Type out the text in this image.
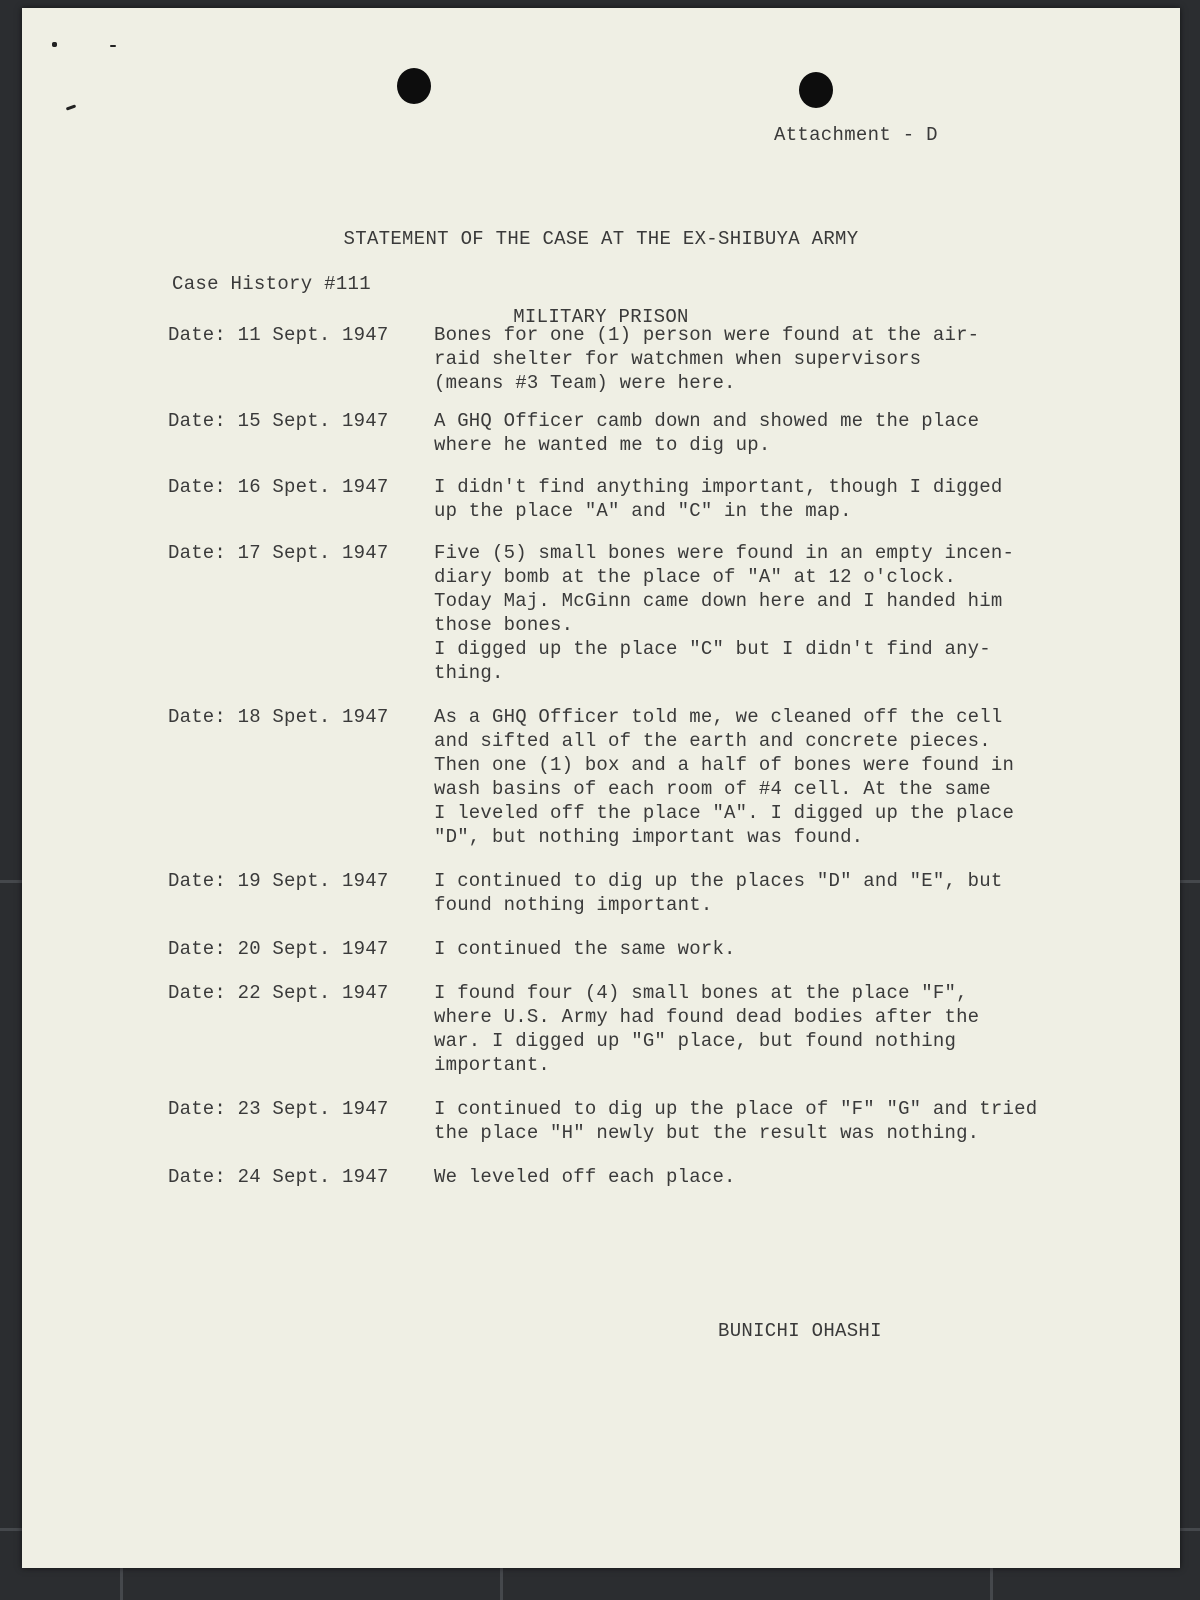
Attachment - D

STATEMENT OF THE CASE AT THE EX-SHIBUYA ARMY

MILITARY PRISON

Case History #111
Date: 11 Sept. 1947	Bones for one (1) person were found at the air-
raid shelter for watchmen when supervisors
(means #3 Team) were here.
Date: 15 Sept. 1947	A GHQ Officer camb down and showed me the place
where he wanted me to dig up.
Date: 16 Spet. 1947	I didn't find anything important, though I digged
up the place "A" and "C" in the map.
Date: 17 Sept. 1947	Five (5) small bones were found in an empty incen-
diary bomb at the place of "A" at 12 o'clock.
Today Maj. McGinn came down here and I handed him
those bones.
I digged up the place "C" but I didn't find any-
thing.
Date: 18 Spet. 1947	As a GHQ Officer told me, we cleaned off the cell
and sifted all of the earth and concrete pieces.
Then one (1) box and a half of bones were found in
wash basins of each room of #4 cell. At the same
I leveled off the place "A". I digged up the place
"D", but nothing important was found.
Date: 19 Sept. 1947	I continued to dig up the places "D" and "E", but
found nothing important.
Date: 20 Sept. 1947	I continued the same work.
Date: 22 Sept. 1947	I found four (4) small bones at the place "F",
where U.S. Army had found dead bodies after the
war. I digged up "G" place, but found nothing
important.
Date: 23 Sept. 1947	I continued to dig up the place of "F" "G" and tried
the place "H" newly but the result was nothing.
Date: 24 Sept. 1947	We leveled off each place.
BUNICHI OHASHI
